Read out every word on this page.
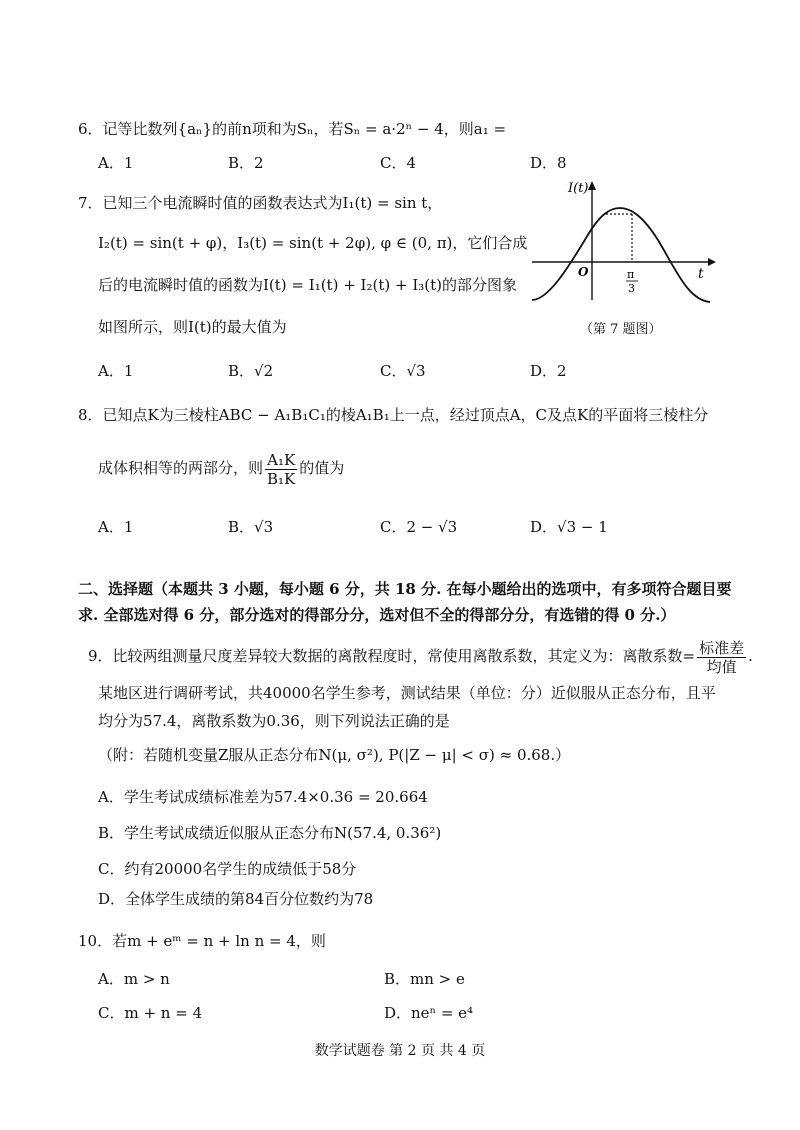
6．记等比数列{aₙ}的前n项和为Sₙ，若Sₙ = a·2ⁿ − 4，则a₁ =
A．1	B．2	C．4	D．8
7．已知三个电流瞬时值的函数表达式为I₁(t) = sin t，
I₂(t) = sin(t + φ)，I₃(t) = sin(t + 2φ), φ ∈ (0, π)，它们合成
后的电流瞬时值的函数为I(t) = I₁(t) + I₂(t) + I₃(t)的部分图象
如图所示，则I(t)的最大值为
A．1	B．√2	C．√3	D．2
I(t)
t
O	π
3
（第 7 题图）
8．已知点K为三棱柱ABC − A₁B₁C₁的棱A₁B₁上一点，经过顶点A，C及点K的平面将三棱柱分
成体积相等的两部分，则 $\frac{\text{A₁K}}{\text{B₁K}}$ 的值为
A．1	B．√3	C．2 − √3	D．√3 − 1
二、选择题（本题共 3 小题，每小题 6 分，共 18 分. 在每小题给出的选项中，有多项符合题目要
求. 全部选对得 6 分，部分选对的得部分分，选对但不全的得部分分，有选错的得 0 分.）
9．比较两组测量尺度差异较大数据的离散程度时，常使用离散系数，其定义为：离散系数= $\frac{\text{标准差}}{\text{均值}}$ .
某地区进行调研考试，共40000名学生参考，测试结果（单位：分）近似服从正态分布，且平
均分为57.4，离散系数为0.36，则下列说法正确的是
（附：若随机变量Z服从正态分布N(μ, σ²), P(|Z − μ| < σ) ≈ 0.68.）
A．学生考试成绩标准差为57.4×0.36 = 20.664
B．学生考试成绩近似服从正态分布N(57.4, 0.36²)
C．约有20000名学生的成绩低于58分
D．全体学生成绩的第84百分位数约为78
10．若m + eᵐ = n + ln n = 4，则
A．m > n	B．mn > e
C．m + n = 4	D．neⁿ = e⁴
数学试题卷 第 2 页 共 4 页
